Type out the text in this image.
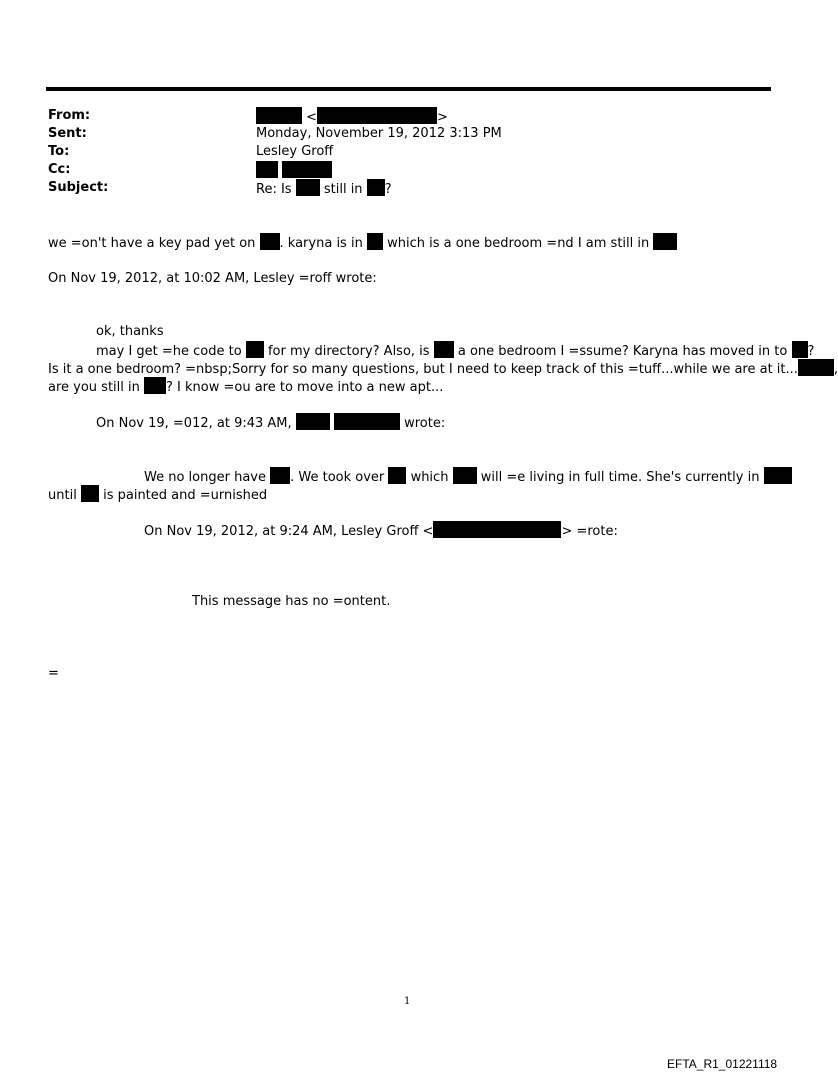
From:	<	>
Sent:	Monday, November 19, 2012 3:13 PM
To:	Lesley Groff
Cc:

Subject:	Re: Is still in ?
we =on't have a key pad yet on . karyna is in which is a one bedroom =nd I am still in
On Nov 19, 2012, at 10:02 AM, Lesley =roff wrote:
ok, thanks
may I get =he code to for my directory? Also, is a one bedroom I =ssume? Karyna has moved in to ?
Is it a one bedroom? =nbsp;Sorry for so many questions, but I need to keep track of this =tuff...while we are at it...	,
are you still in ? I know =ou are to move into a new apt...
On Nov 19, =012, at 9:43 AM,	wrote:
We no longer have . We took over which will =e living in full time. She's currently in
until is painted and =urnished
On Nov 19, 2012, at 9:24 AM, Lesley Groff <	> =rote:
This message has no =ontent.
=
1
EFTA_R1_01221118
